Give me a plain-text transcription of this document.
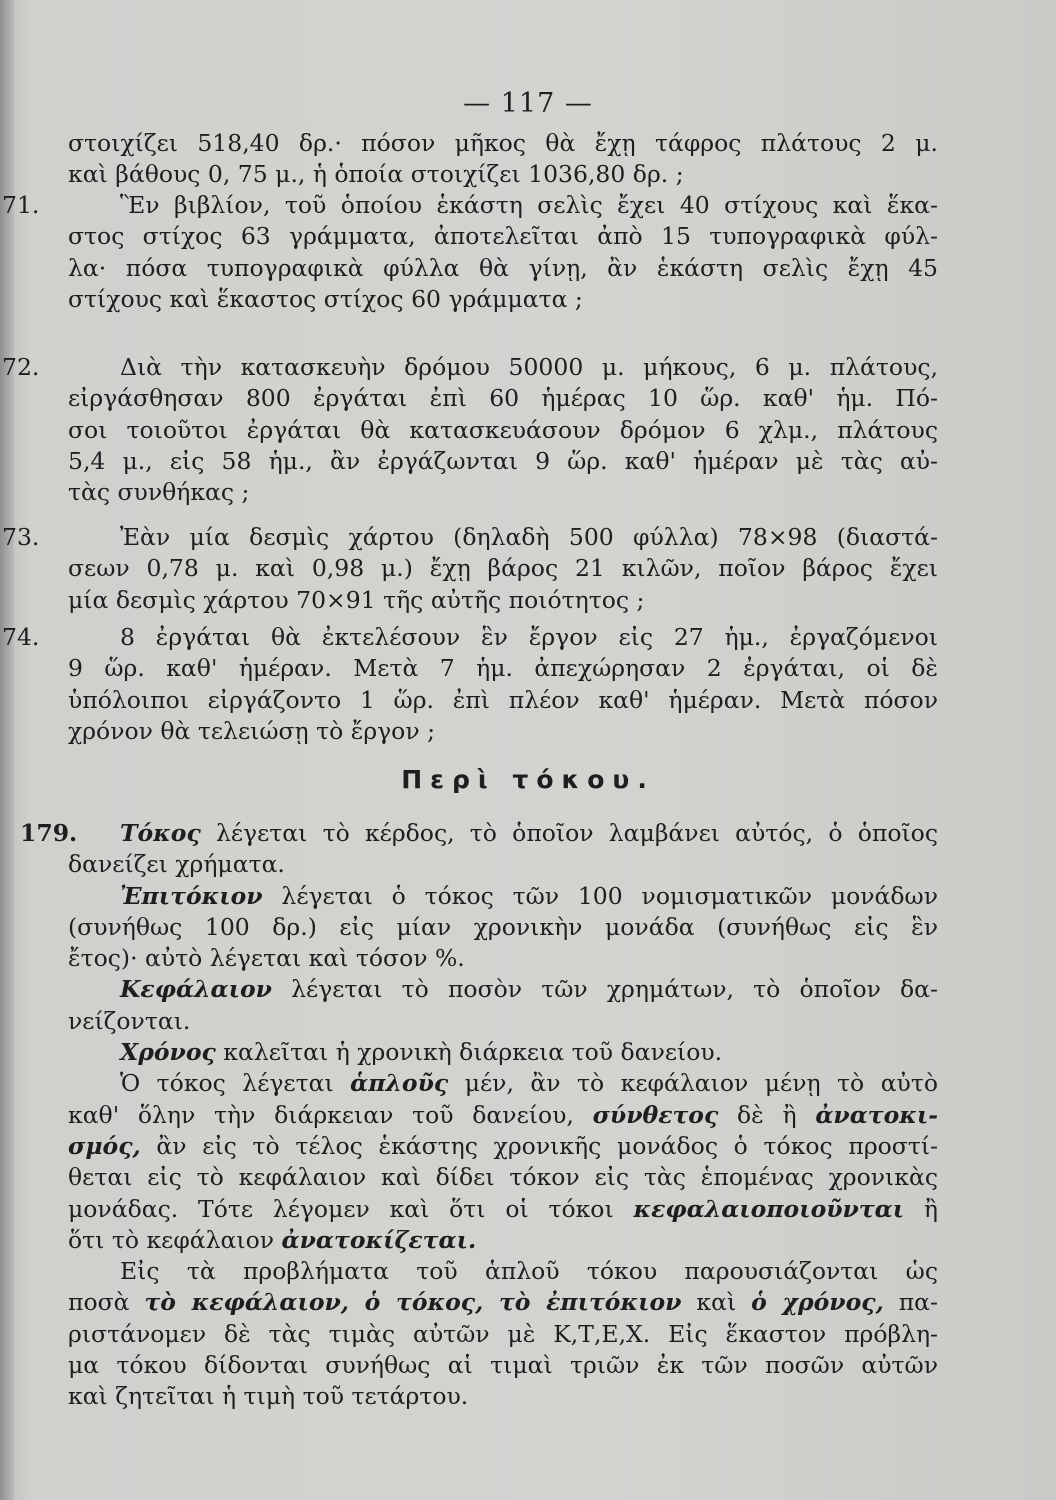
— 117 —
στοιχίζει 518,40 δρ.· πόσον μῆκος θὰ ἔχῃ τάφρος πλάτους 2 μ.
καὶ βάθους 0, 75 μ., ἡ ὁποία στοιχίζει 1036,80 δρ. ;
71.	Ἓν βιβλίον, τοῦ ὁποίου ἑκάστη σελὶς ἔχει 40 στίχους καὶ ἕκα-
στος στίχος 63 γράμματα, ἀποτελεῖται ἀπὸ 15 τυπογραφικὰ φύλ-
λα· πόσα τυπογραφικὰ φύλλα θὰ γίνῃ, ἂν ἑκάστη σελὶς ἔχῃ 45
στίχους καὶ ἕκαστος στίχος 60 γράμματα ;
72.	Διὰ τὴν κατασκευὴν δρόμου 50000 μ. μήκους, 6 μ. πλάτους,
εἰργάσθησαν 800 ἐργάται ἐπὶ 60 ἡμέρας 10 ὥρ. καθ' ἡμ. Πό-
σοι τοιοῦτοι ἐργάται θὰ κατασκευάσουν δρόμον 6 χλμ., πλάτους
5,4 μ., εἰς 58 ἡμ., ἂν ἐργάζωνται 9 ὥρ. καθ' ἡμέραν μὲ τὰς αὐ-
τὰς συνθήκας ;
73.	Ἐὰν μία δεσμὶς χάρτου (δηλαδὴ 500 φύλλα) 78×98 (διαστά-
σεων 0,78 μ. καὶ 0,98 μ.) ἔχῃ βάρος 21 κιλῶν, ποῖον βάρος ἔχει
μία δεσμὶς χάρτου 70×91 τῆς αὐτῆς ποιότητος ;
74.	8 ἐργάται θὰ ἐκτελέσουν ἓν ἔργον εἰς 27 ἡμ., ἐργαζόμενοι
9 ὥρ. καθ' ἡμέραν. Μετὰ 7 ἡμ. ἀπεχώρησαν 2 ἐργάται, οἱ δὲ
ὑπόλοιποι εἰργάζοντο 1 ὥρ. ἐπὶ πλέον καθ' ἡμέραν. Μετὰ πόσον
χρόνον θὰ τελειώσῃ τὸ ἔργον ;
Περὶ τόκου.
179.	Τόκος λέγεται τὸ κέρδος, τὸ ὁποῖον λαμβάνει αὐτός, ὁ ὁποῖος
δανείζει χρήματα.
Ἐπιτόκιον λέγεται ὁ τόκος τῶν 100 νομισματικῶν μονάδων
(συνήθως 100 δρ.) εἰς μίαν χρονικὴν μονάδα (συνήθως εἰς ἓν
ἔτος)· αὐτὸ λέγεται καὶ τόσον %.
Κεφάλαιον λέγεται τὸ ποσὸν τῶν χρημάτων, τὸ ὁποῖον δα-
νείζονται.
Χρόνος καλεῖται ἡ χρονικὴ διάρκεια τοῦ δανείου.
Ὁ τόκος λέγεται ἁπλοῦς μέν, ἂν τὸ κεφάλαιον μένῃ τὸ αὐτὸ
καθ' ὅλην τὴν διάρκειαν τοῦ δανείου, σύνθετος δὲ ἢ ἀνατοκι-
σμός, ἂν εἰς τὸ τέλος ἑκάστης χρονικῆς μονάδος ὁ τόκος προστί-
θεται εἰς τὸ κεφάλαιον καὶ δίδει τόκον εἰς τὰς ἑπομένας χρονικὰς
μονάδας. Τότε λέγομεν καὶ ὅτι οἱ τόκοι κεφαλαιοποιοῦνται ἢ
ὅτι τὸ κεφάλαιον ἀνατοκίζεται.
Εἰς τὰ προβλήματα τοῦ ἁπλοῦ τόκου παρουσιάζονται ὡς
ποσὰ τὸ κεφάλαιον, ὁ τόκος, τὸ ἐπιτόκιον καὶ ὁ χρόνος, πα-
ριστάνομεν δὲ τὰς τιμὰς αὐτῶν μὲ Κ,Τ,Ε,Χ. Εἰς ἕκαστον πρόβλη-
μα τόκου δίδονται συνήθως αἱ τιμαὶ τριῶν ἐκ τῶν ποσῶν αὐτῶν
καὶ ζητεῖται ἡ τιμὴ τοῦ τετάρτου.
